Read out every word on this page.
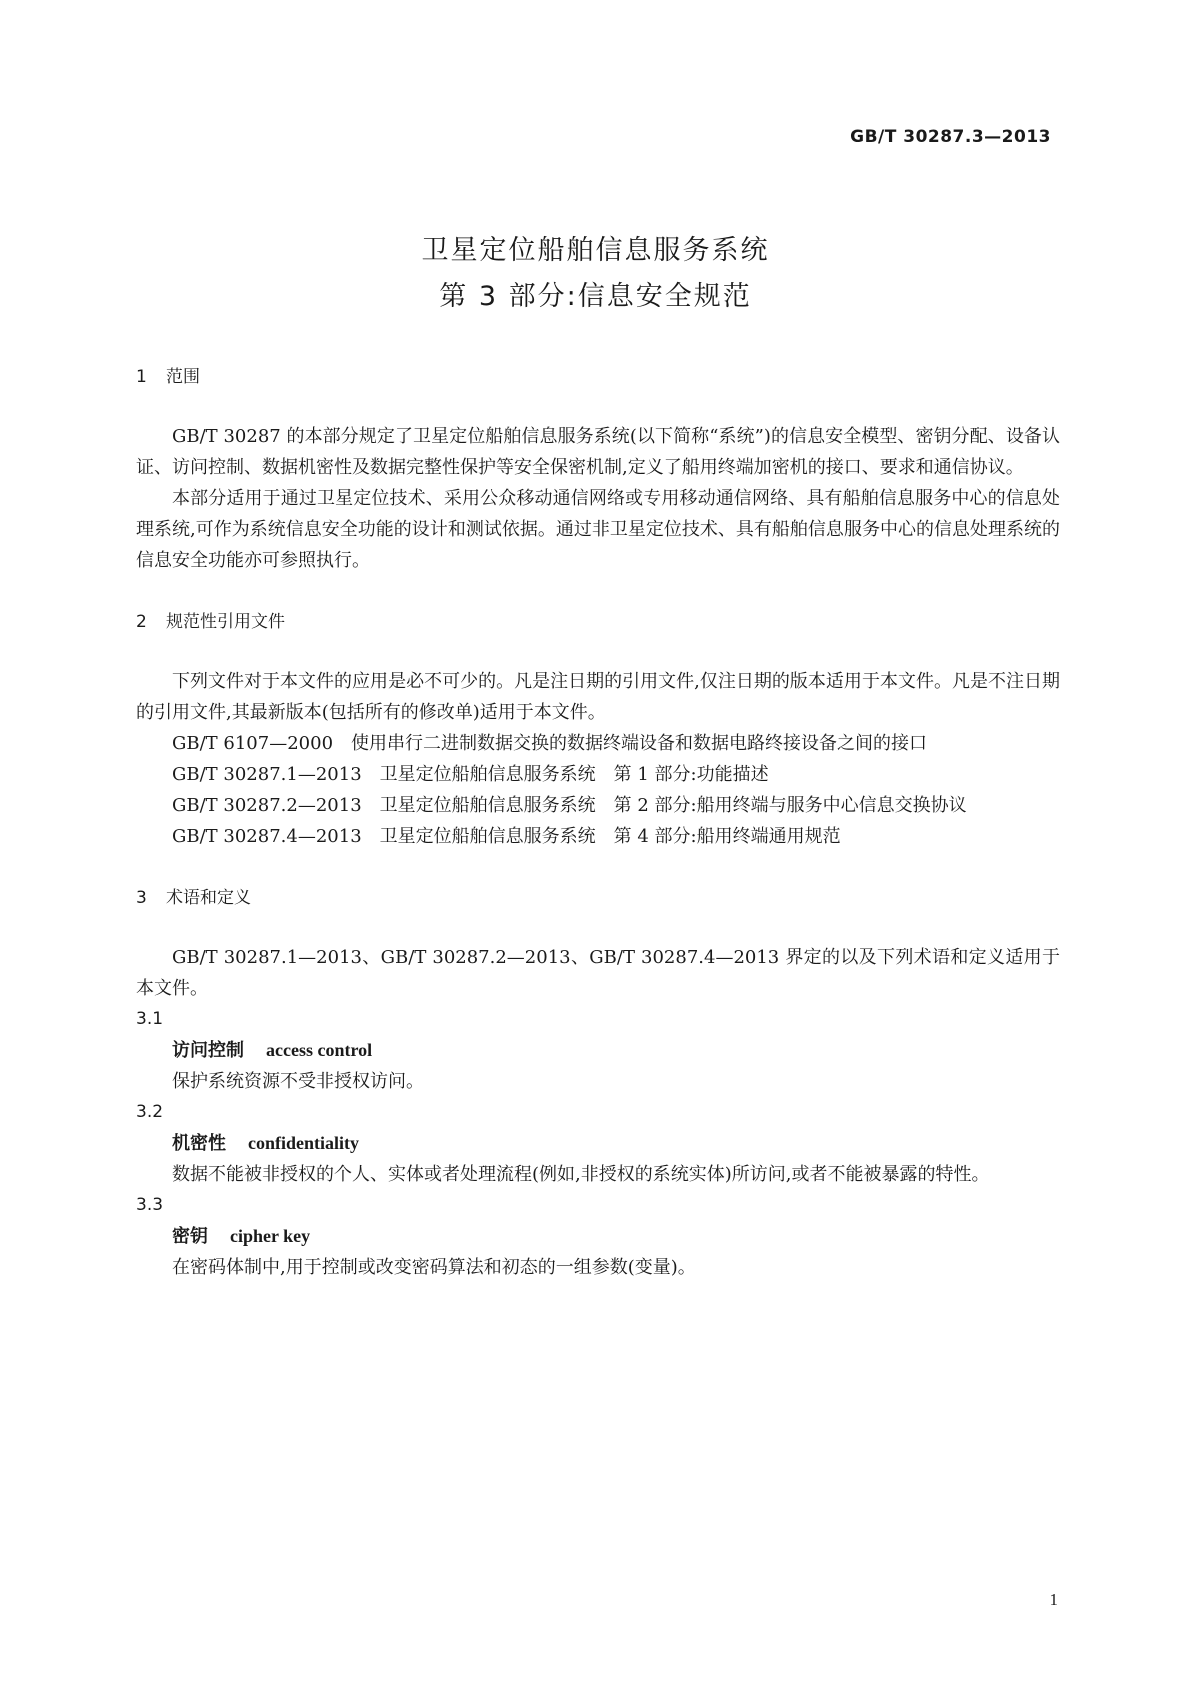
GB/T 30287.3—2013
卫星定位船舶信息服务系统
第 3 部分:信息安全规范
1 范围

GB/T 30287 的本部分规定了卫星定位船舶信息服务系统(以下简称“系统”)的信息安全模型、密钥分配、设备认证、访问控制、数据机密性及数据完整性保护等安全保密机制,定义了船用终端加密机的接口、要求和通信协议。

本部分适用于通过卫星定位技术、采用公众移动通信网络或专用移动通信网络、具有船舶信息服务中心的信息处理系统,可作为系统信息安全功能的设计和测试依据。通过非卫星定位技术、具有船舶信息服务中心的信息处理系统的信息安全功能亦可参照执行。

2 规范性引用文件

下列文件对于本文件的应用是必不可少的。凡是注日期的引用文件,仅注日期的版本适用于本文件。凡是不注日期的引用文件,其最新版本(包括所有的修改单)适用于本文件。

GB/T 6107—2000 使用串行二进制数据交换的数据终端设备和数据电路终接设备之间的接口

GB/T 30287.1—2013 卫星定位船舶信息服务系统 第 1 部分:功能描述

GB/T 30287.2—2013 卫星定位船舶信息服务系统 第 2 部分:船用终端与服务中心信息交换协议

GB/T 30287.4—2013 卫星定位船舶信息服务系统 第 4 部分:船用终端通用规范

3 术语和定义

GB/T 30287.1—2013、GB/T 30287.2—2013、GB/T 30287.4—2013 界定的以及下列术语和定义适用于本文件。

3.1
访问控制 access control

保护系统资源不受非授权访问。

3.2
机密性 confidentiality

数据不能被非授权的个人、实体或者处理流程(例如,非授权的系统实体)所访问,或者不能被暴露的特性。

3.3
密钥 cipher key

在密码体制中,用于控制或改变密码算法和初态的一组参数(变量)。

1
